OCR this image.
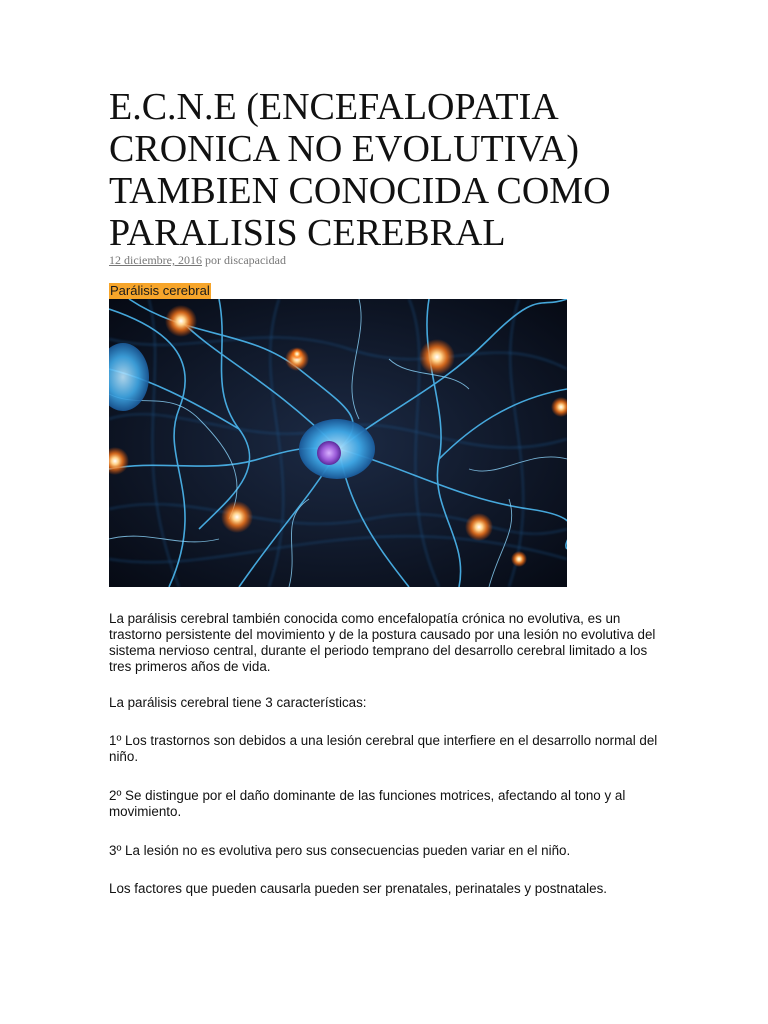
E.C.N.E (ENCEFALOPATIA CRONICA NO EVOLUTIVA) TAMBIEN CONOCIDA COMO PARALISIS CEREBRAL
12 diciembre, 2016 por discapacidad
Parálisis cerebral

La parálisis cerebral también conocida como encefalopatía crónica no evolutiva, es un trastorno persistente del movimiento y de la postura causado por una lesión no evolutiva del sistema nervioso central, durante el periodo temprano del desarrollo cerebral limitado a los tres primeros años de vida.

La parálisis cerebral tiene 3 características:

1º Los trastornos son debidos a una lesión cerebral que interfiere en el desarrollo normal del niño.

2º Se distingue por el daño dominante de las funciones motrices, afectando al tono y al movimiento.

3º La lesión no es evolutiva pero sus consecuencias pueden variar en el niño.

Los factores que pueden causarla pueden ser prenatales, perinatales y postnatales.
